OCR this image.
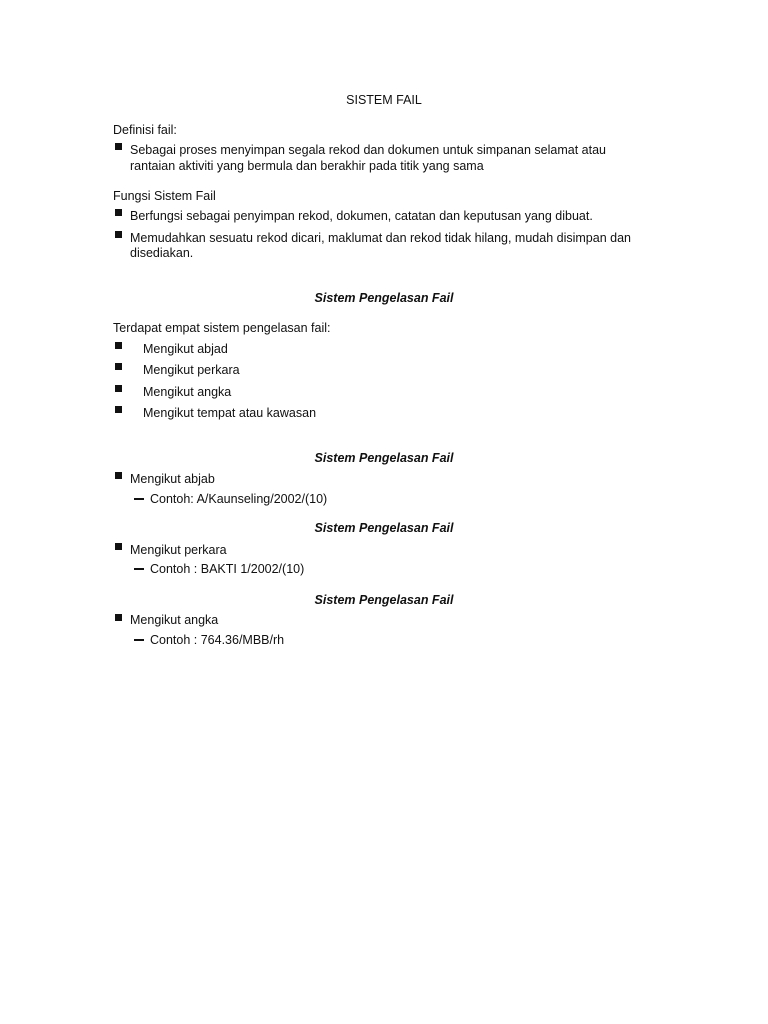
SISTEM FAIL
Definisi fail:
Sebagai proses menyimpan segala rekod dan dokumen untuk simpanan selamat atau
rantaian aktiviti yang bermula dan berakhir pada titik yang sama
Fungsi Sistem Fail
Berfungsi sebagai penyimpan rekod, dokumen, catatan dan keputusan yang dibuat.
Memudahkan sesuatu rekod dicari, maklumat dan rekod tidak hilang, mudah disimpan dan
disediakan.
Sistem Pengelasan Fail
Terdapat empat sistem pengelasan fail:
Mengikut abjad
Mengikut perkara
Mengikut angka
Mengikut tempat atau kawasan
Sistem Pengelasan Fail
Mengikut abjab
Contoh: A/Kaunseling/2002/(10)
Sistem Pengelasan Fail
Mengikut perkara
Contoh : BAKTI 1/2002/(10)
Sistem Pengelasan Fail
Mengikut angka
Contoh : 764.36/MBB/rh
